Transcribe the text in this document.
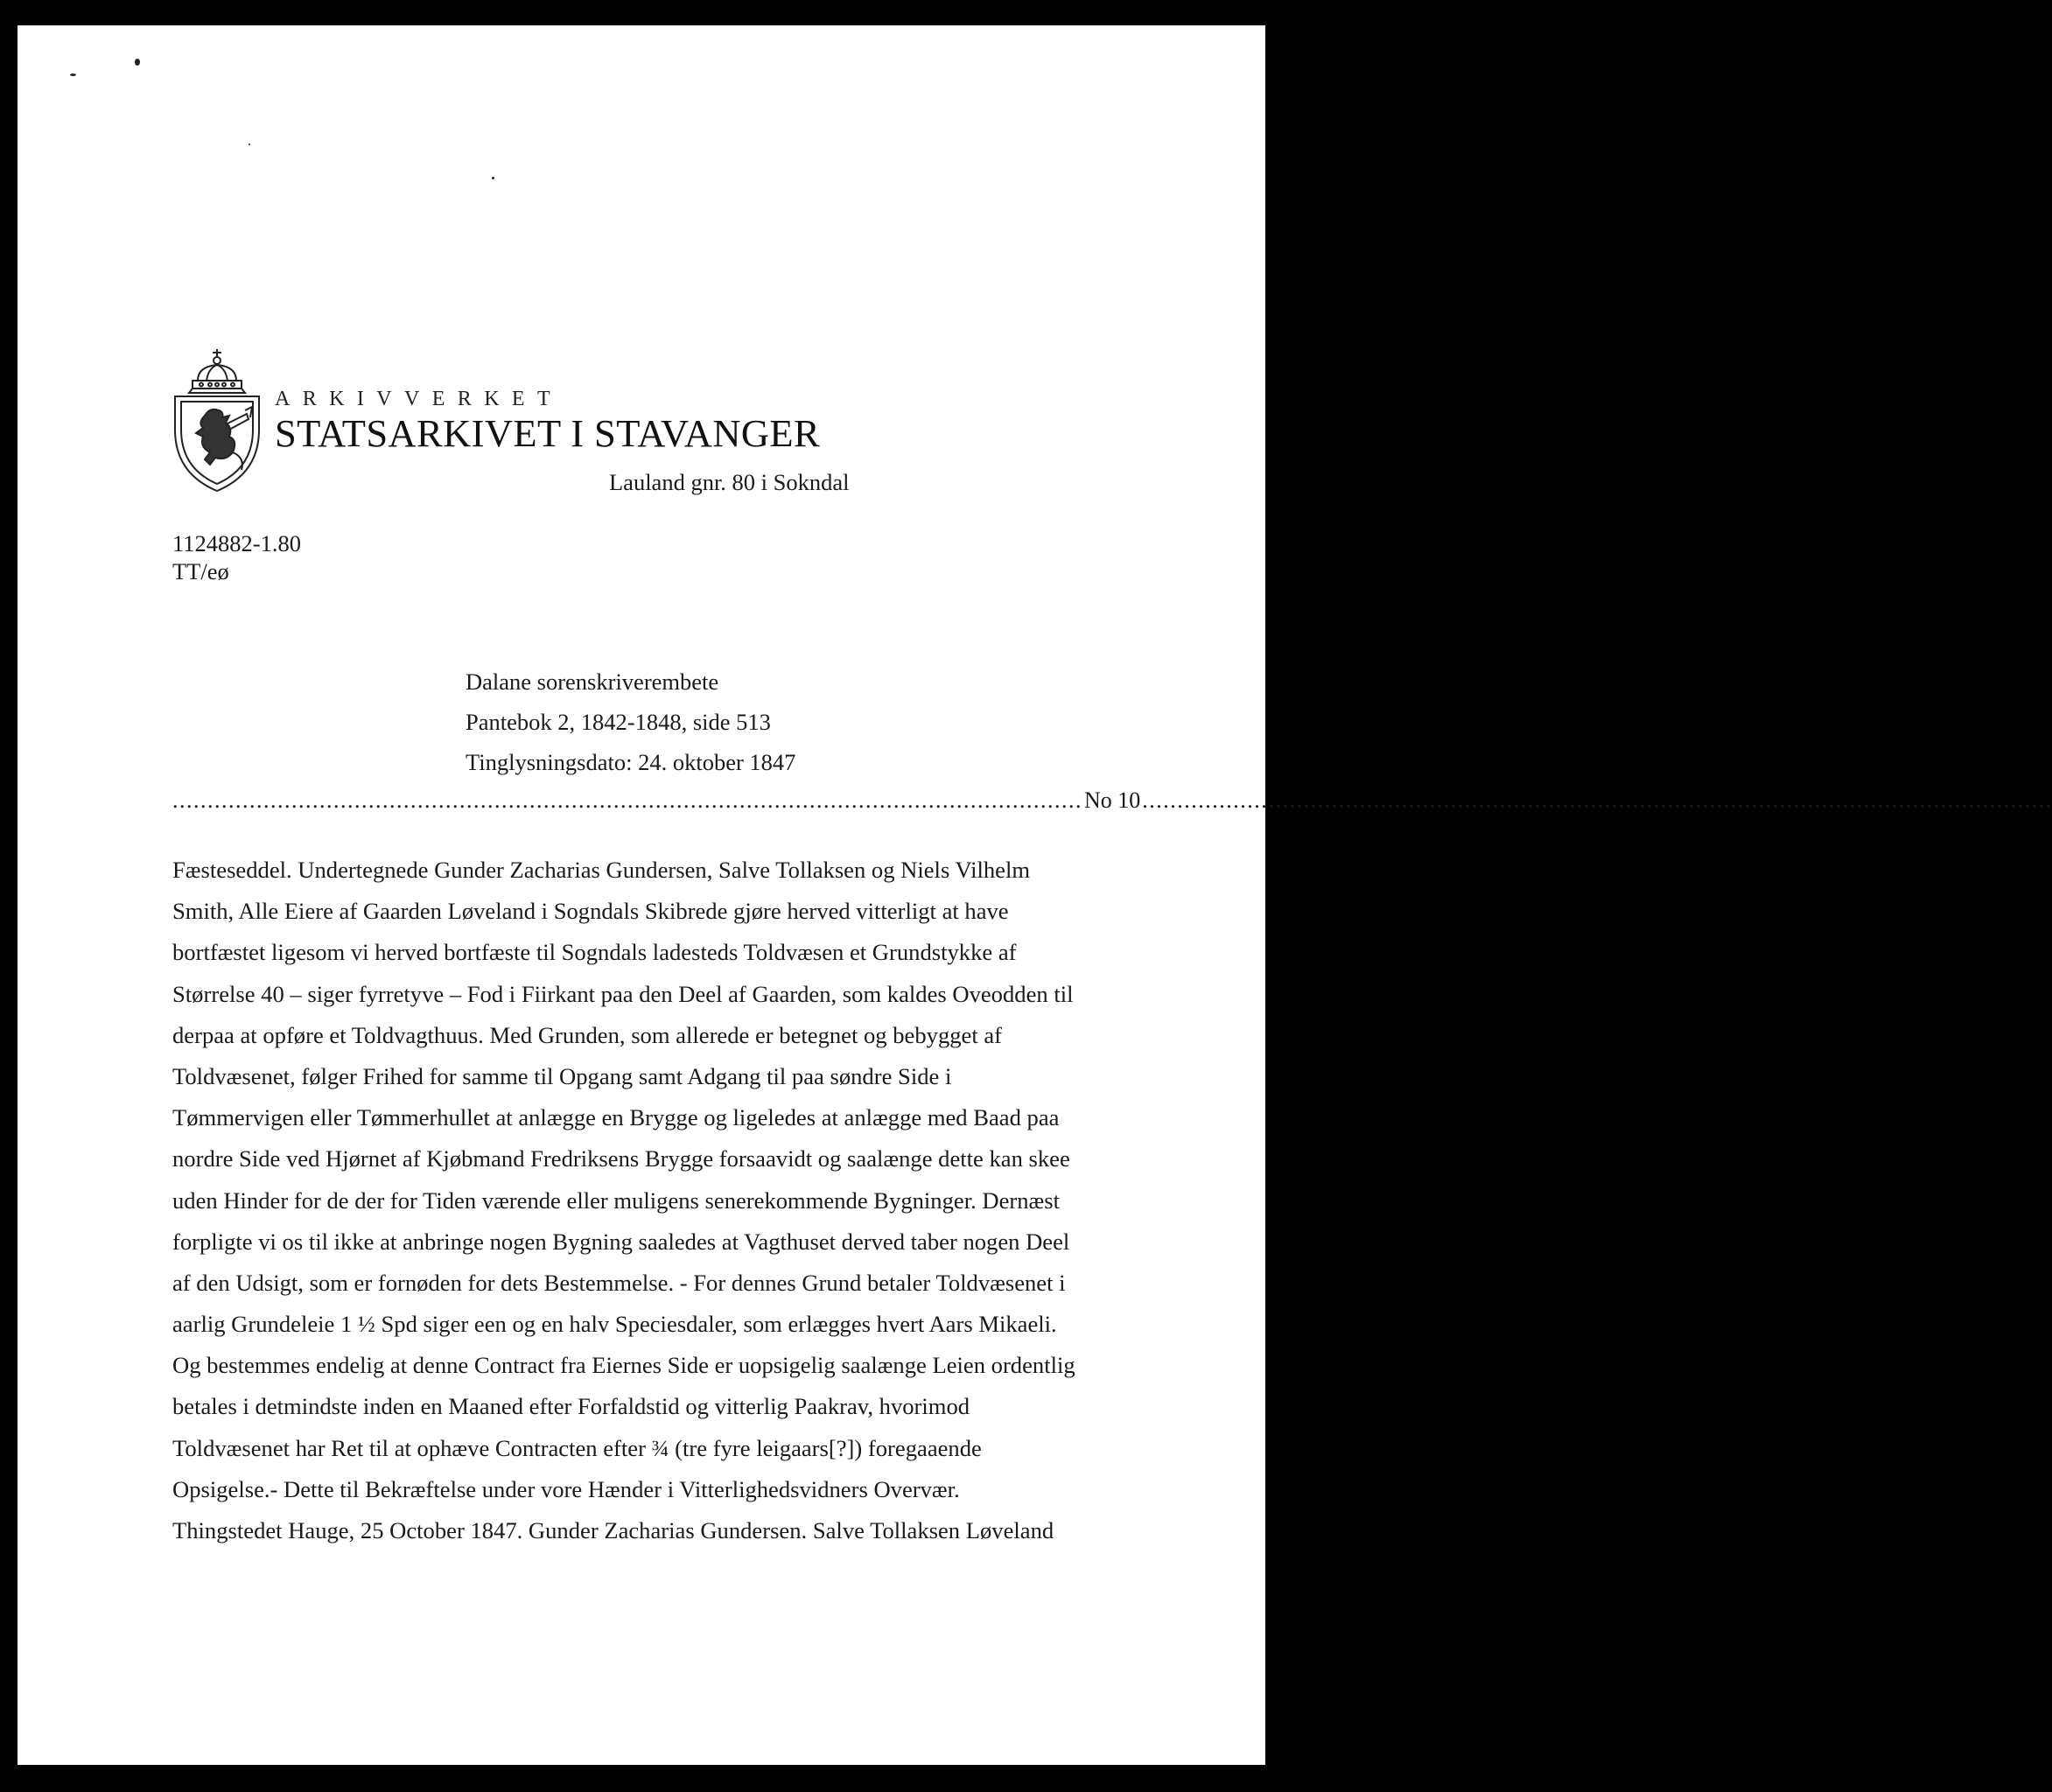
ARKIVVERKET
STATSARKIVET I STAVANGER
Lauland gnr. 80 i Sokndal
1124882-1.80
TT/eø
Dalane sorenskriverembete
Pantebok 2, 1842-1848, side 513
Tinglysningsdato: 24. oktober 1847
.................................................................................................................................. No 10 ..................................................................................................................................
Fæsteseddel. Undertegnede Gunder Zacharias Gundersen, Salve Tollaksen og Niels Vilhelm
Smith, Alle Eiere af Gaarden Løveland i Sogndals Skibrede gjøre herved vitterligt at have
bortfæstet ligesom vi herved bortfæste til Sogndals ladesteds Toldvæsen et Grundstykke af
Størrelse 40 – siger fyrretyve – Fod i Fiirkant paa den Deel af Gaarden, som kaldes Oveodden til
derpaa at opføre et Toldvagthuus. Med Grunden, som allerede er betegnet og bebygget af
Toldvæsenet, følger Frihed for samme til Opgang samt Adgang til paa søndre Side i
Tømmervigen eller Tømmerhullet at anlægge en Brygge og ligeledes at anlægge med Baad paa
nordre Side ved Hjørnet af Kjøbmand Fredriksens Brygge forsaavidt og saalænge dette kan skee
uden Hinder for de der for Tiden værende eller muligens senerekommende Bygninger. Dernæst
forpligte vi os til ikke at anbringe nogen Bygning saaledes at Vagthuset derved taber nogen Deel
af den Udsigt, som er fornøden for dets Bestemmelse. - For dennes Grund betaler Toldvæsenet i
aarlig Grundeleie 1 ½ Spd siger een og en halv Speciesdaler, som erlægges hvert Aars Mikaeli.
Og bestemmes endelig at denne Contract fra Eiernes Side er uopsigelig saalænge Leien ordentlig
betales i detmindste inden en Maaned efter Forfaldstid og vitterlig Paakrav, hvorimod
Toldvæsenet har Ret til at ophæve Contracten efter ¾ (tre fyre leigaars[?]) foregaaende
Opsigelse.- Dette til Bekræftelse under vore Hænder i Vitterlighedsvidners Overvær.
Thingstedet Hauge, 25 October 1847. Gunder Zacharias Gundersen. Salve Tollaksen Løveland
